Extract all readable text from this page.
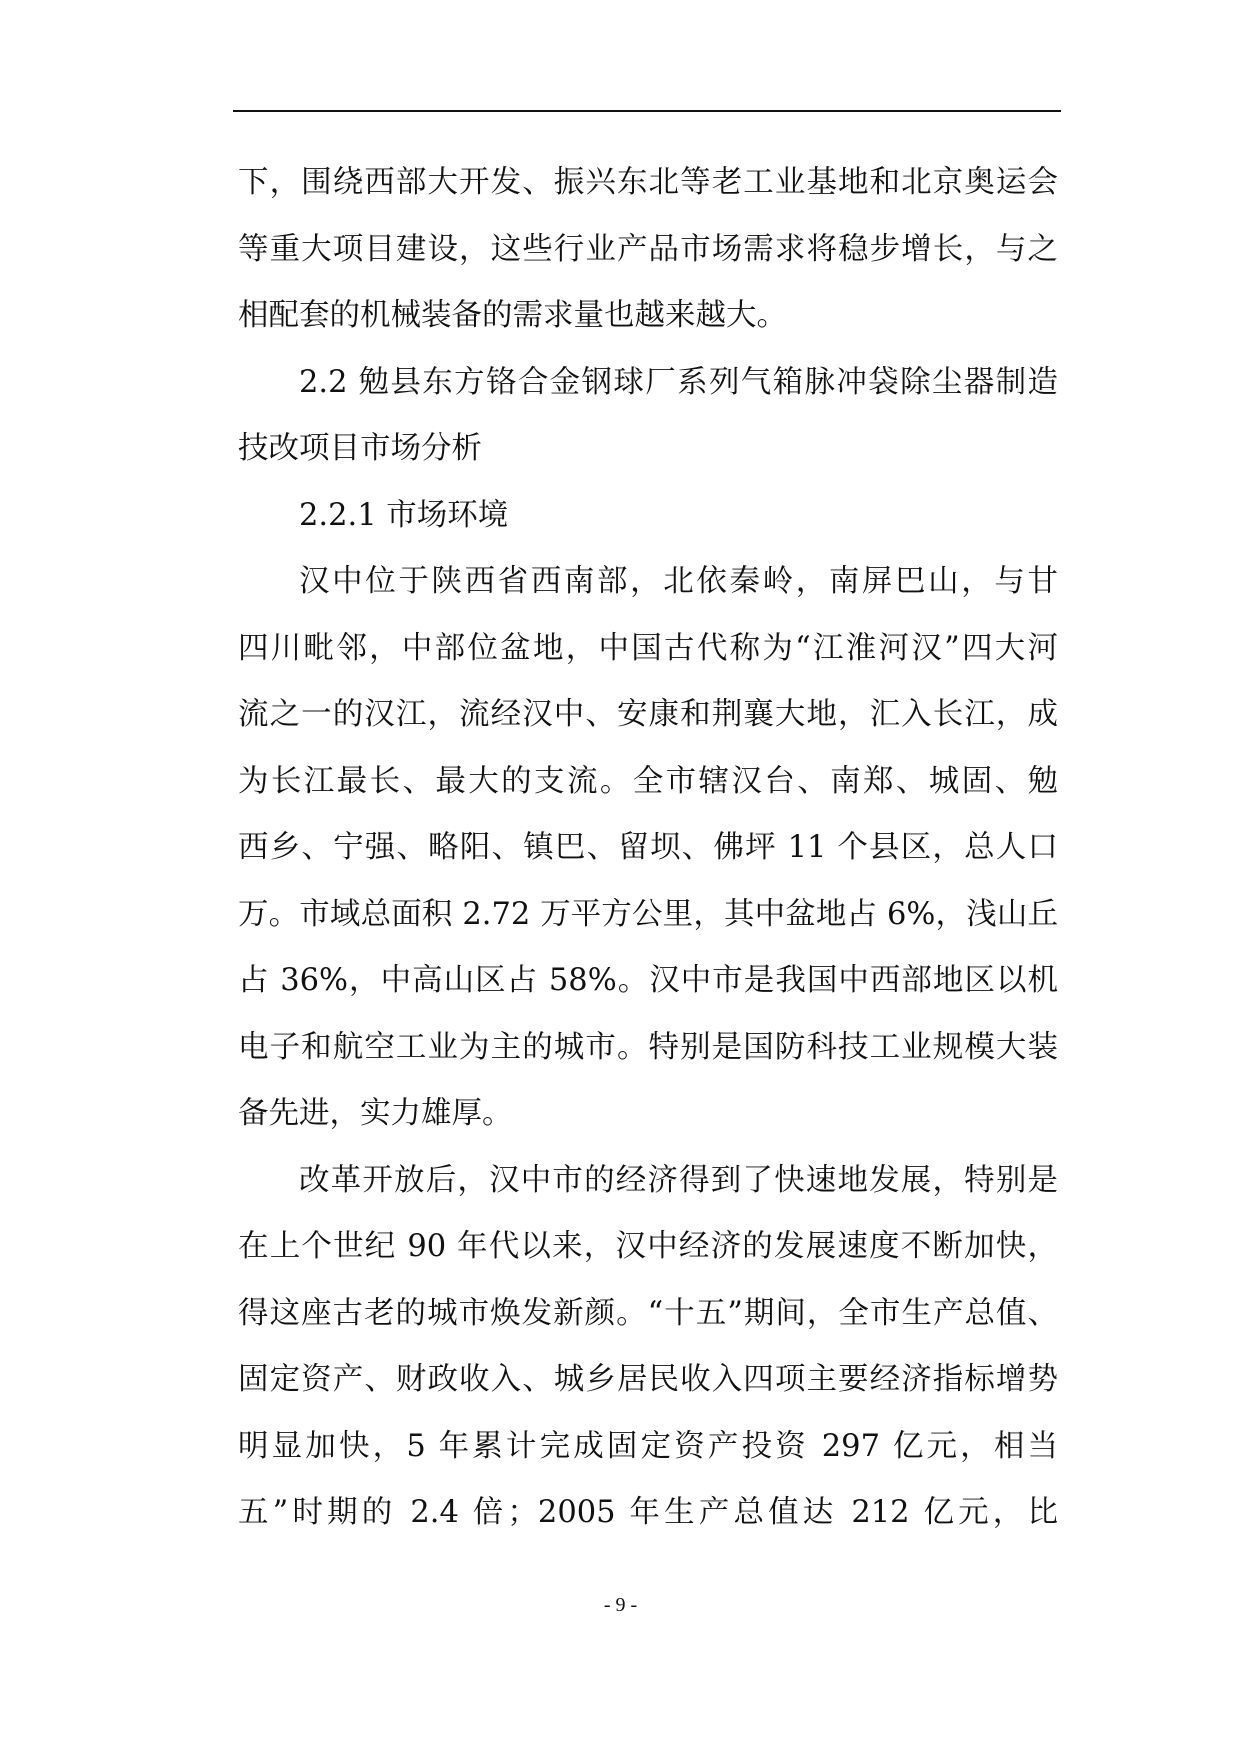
下，围绕西部大开发、振兴东北等老工业基地和北京奥运会
等重大项目建设，这些行业产品市场需求将稳步增长，与之
相配套的机械装备的需求量也越来越大。
2.2 勉县东方铬合金钢球厂系列气箱脉冲袋除尘器制造
技改项目市场分析
2.2.1 市场环境
汉中位于陕西省西南部，北依秦岭，南屏巴山，与甘
四川毗邻，中部位盆地，中国古代称为“江淮河汉”四大河
流之一的汉江，流经汉中、安康和荆襄大地，汇入长江，成
为长江最长、最大的支流。全市辖汉台、南郑、城固、勉
西乡、宁强、略阳、镇巴、留坝、佛坪 11 个县区，总人口
万。市域总面积 2.72 万平方公里，其中盆地占 6%，浅山丘
占 36%，中高山区占 58%。汉中市是我国中西部地区以机
电子和航空工业为主的城市。特别是国防科技工业规模大装
备先进，实力雄厚。
改革开放后，汉中市的经济得到了快速地发展，特别是
在上个世纪 90 年代以来，汉中经济的发展速度不断加快，
得这座古老的城市焕发新颜。“十五”期间，全市生产总值、
固定资产、财政收入、城乡居民收入四项主要经济指标增势
明显加快，5 年累计完成固定资产投资 297 亿元，相当
五”时期的 2.4 倍；2005 年生产总值达 212 亿元，比
- 9 -
